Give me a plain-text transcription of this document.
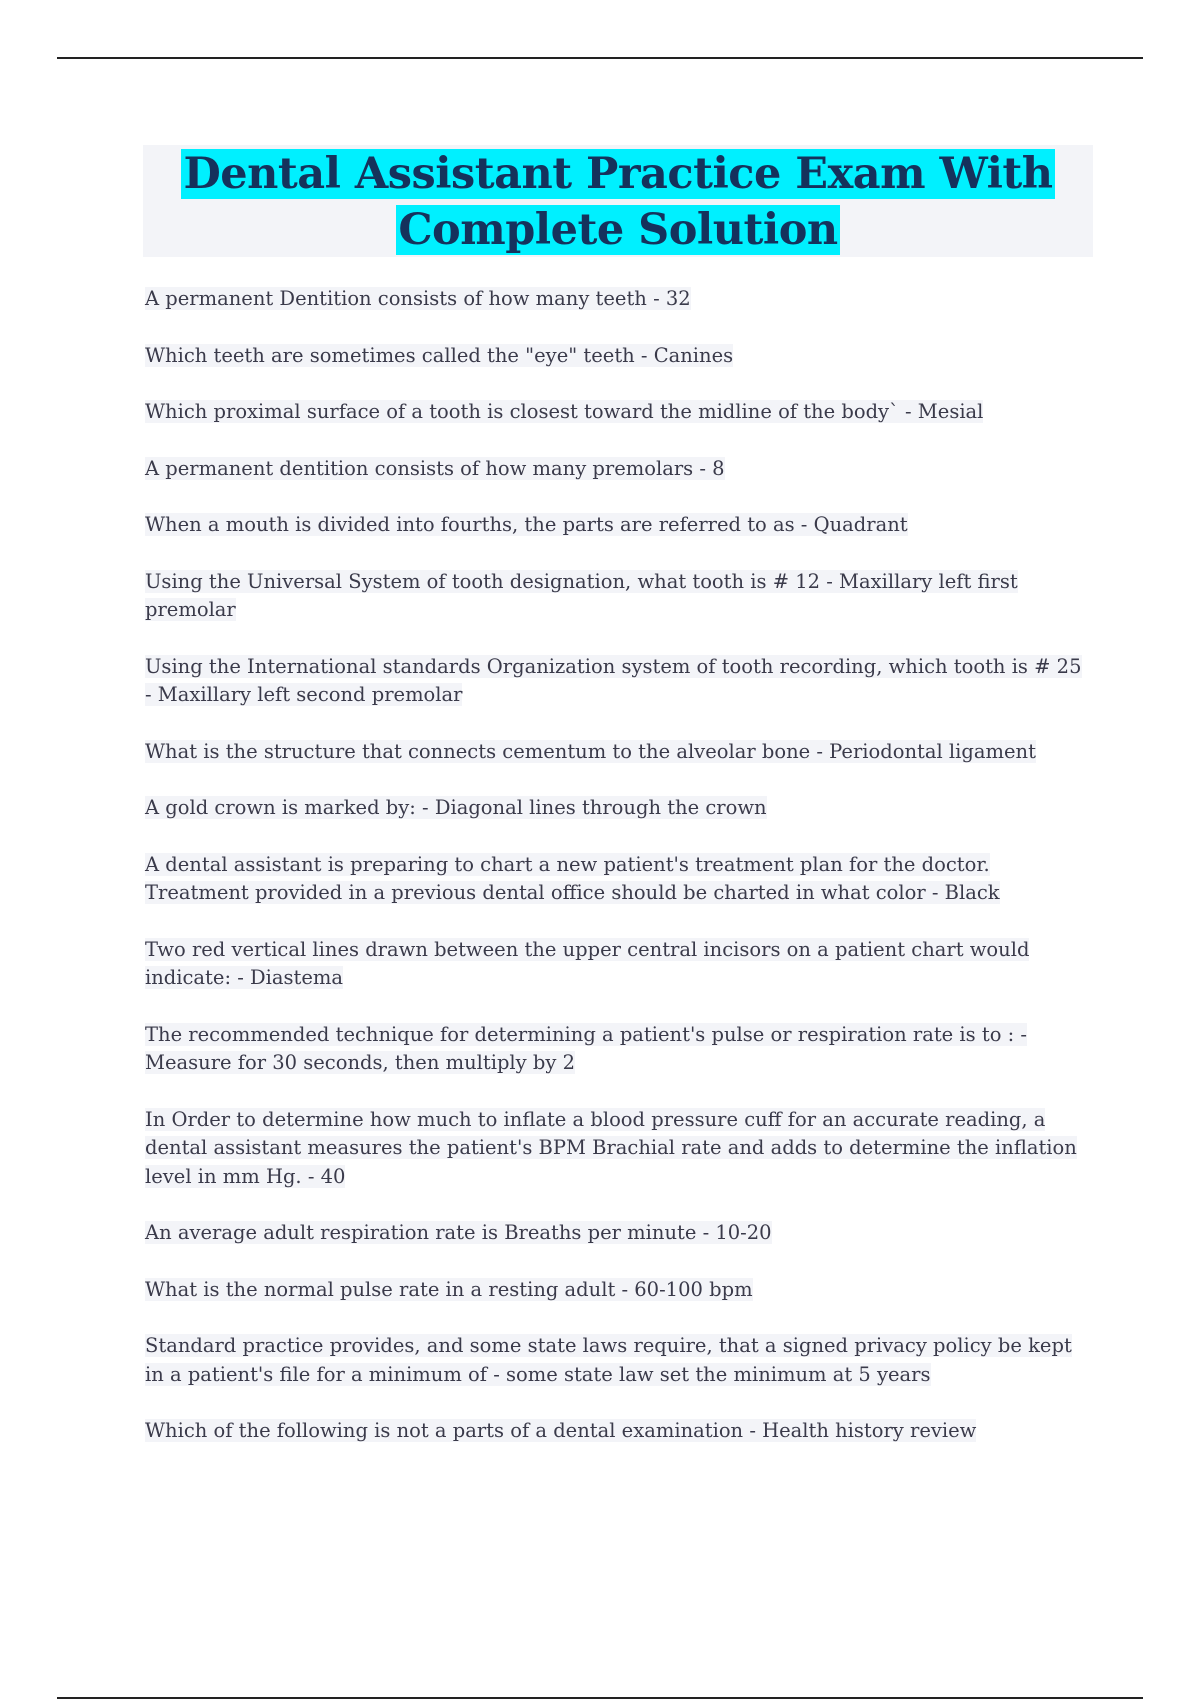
Dental Assistant Practice Exam With Complete Solution
A permanent Dentition consists of how many teeth - 32
Which teeth are sometimes called the "eye" teeth - Canines
Which proximal surface of a tooth is closest toward the midline of the body` - Mesial
A permanent dentition consists of how many premolars - 8
When a mouth is divided into fourths, the parts are referred to as - Quadrant
Using the Universal System of tooth designation, what tooth is # 12 - Maxillary left first premolar
Using the International standards Organization system of tooth recording, which tooth is # 25 - Maxillary left second premolar
What is the structure that connects cementum to the alveolar bone - Periodontal ligament
A gold crown is marked by: - Diagonal lines through the crown
A dental assistant is preparing to chart a new patient's treatment plan for the doctor. Treatment provided in a previous dental office should be charted in what color - Black
Two red vertical lines drawn between the upper central incisors on a patient chart would indicate: - Diastema
The recommended technique for determining a patient's pulse or respiration rate is to : - Measure for 30 seconds, then multiply by 2
In Order to determine how much to inflate a blood pressure cuff for an accurate reading, a dental assistant measures the patient's BPM Brachial rate and adds to determine the inflation level in mm Hg. - 40
An average adult respiration rate is Breaths per minute - 10-20
What is the normal pulse rate in a resting adult - 60-100 bpm
Standard practice provides, and some state laws require, that a signed privacy policy be kept in a patient's file for a minimum of - some state law set the minimum at 5 years
Which of the following is not a parts of a dental examination - Health history review
